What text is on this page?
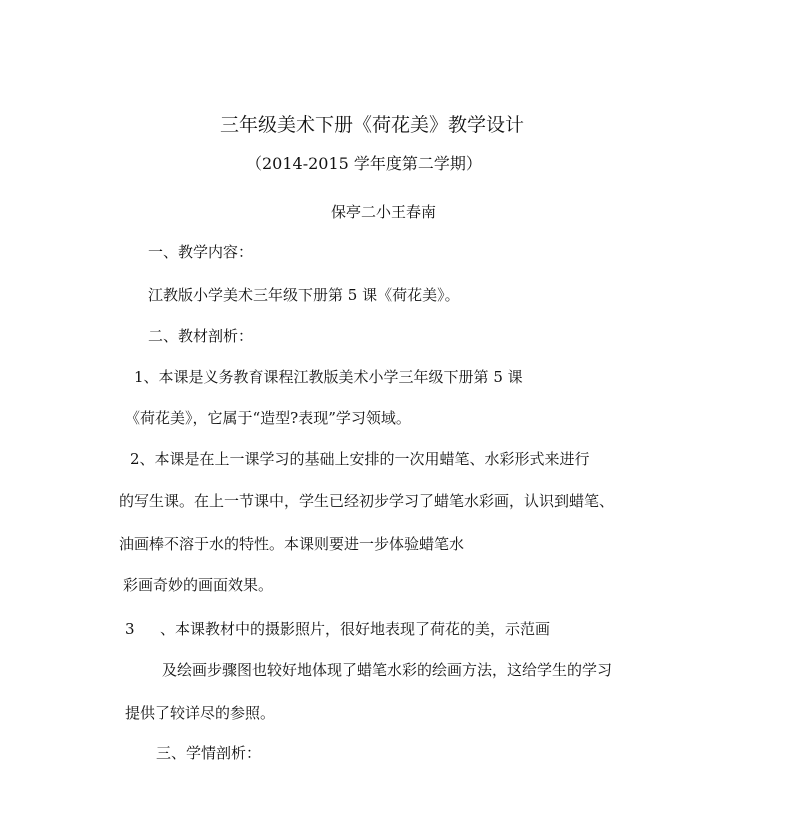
三年级美术下册《荷花美》教学设计
（2014-2015 学年度第二学期）
保亭二小王春南
一、教学内容：
江教版小学美术三年级下册第 5 课《荷花美》。
二、教材剖析：
1、本课是义务教育课程江教版美术小学三年级下册第 5 课
《荷花美》，它属于“造型?表现”学习领域。
2、本课是在上一课学习的基础上安排的一次用蜡笔、水彩形式来进行
的写生课。在上一节课中，学生已经初步学习了蜡笔水彩画，认识到蜡笔、
油画棒不溶于水的特性。本课则要进一步体验蜡笔水
彩画奇妙的画面效果。
3 、本课教材中的摄影照片，很好地表现了荷花的美，示范画
及绘画步骤图也较好地体现了蜡笔水彩的绘画方法，这给学生的学习
提供了较详尽的参照。
三、学情剖析：
